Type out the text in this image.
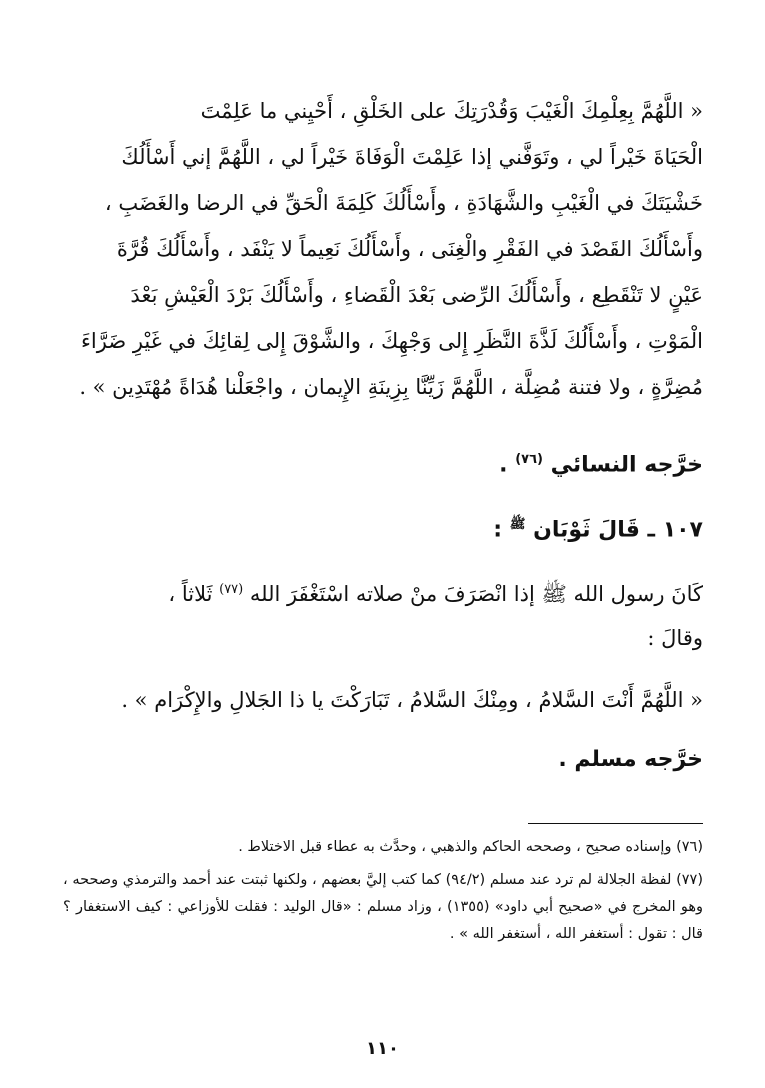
« اللَّهُمَّ بِعِلْمِكَ الْغَيْبَ وَقُدْرَتِكَ على الخَلْقِ ، أَحْيِني ما عَلِمْتَ

الْحَيَاةَ خَيْراً لي ، وتَوَفَّني إذا عَلِمْتَ الْوَفَاةَ خَيْراً لي ، اللَّهُمَّ إني أَسْأَلُكَ

خَشْيَتَكَ في الْغَيْبِ والشَّهَادَةِ ، وأَسْأَلُكَ كَلِمَةَ الْحَقِّ في الرضا والغَضَبِ ،

وأَسْأَلُكَ القَصْدَ في الفَقْرِ والْغِنَى ، وأَسْأَلُكَ نَعِيماً لا يَنْفَد ، وأَسْأَلُكَ قُرَّةَ

عَيْنٍ لا تَنْقَطِع ، وأَسْأَلُكَ الرِّضى بَعْدَ الْقَضاءِ ، وأَسْأَلُكَ بَرْدَ الْعَيْشِ بَعْدَ

الْمَوْتِ ، وأَسْأَلُكَ لَذَّةَ النَّظَرِ إِلى وَجْهِكَ ، والشَّوْقَ إِلى لِقائِكَ في غَيْرِ ضَرَّاءَ

مُضِرَّةٍ ، ولا فتنة مُضِلَّة ، اللَّهُمَّ زَيِّنَّا بِزِينَةِ الإِيمان ، واجْعَلْنا هُدَاةً مُهْتَدِين » .

خرَّجه النسائي $^{(٧٦)}$ .
١٠٧ ـ قَالَ ثَوْبَان $^ﷺ$ :
كَانَ رسول الله ﷺ إذا انْصَرَفَ منْ صلاته اسْتَغْفَرَ الله $^{(٧٧)}$ ثَلاثاً ،
وقالَ :
« اللَّهُمَّ أَنْتَ السَّلامُ ، ومِنْكَ السَّلامُ ، تَبَارَكْتَ يا ذا الجَلالِ والإِكْرَام » .
خرَّجه مسلم .

(٧٦) وإسناده صحيح ، وصححه الحاكم والذهبي ، وحدَّث به عطاء قبل الاختلاط .

(٧٧) لفظة الجلالة لم ترد عند مسلم (٩٤/٢) كما كتب إليَّ بعضهم ، ولكنها ثبتت عند أحمد والترمذي وصححه ، وهو المخرج في «صحيح أبي داود» (١٣٥٥) ، وزاد مسلم : «قال الوليد : فقلت للأوزاعي : كيف الاستغفار ؟ قال : تقول : أستغفر الله ، أستغفر الله » .

١١٠
